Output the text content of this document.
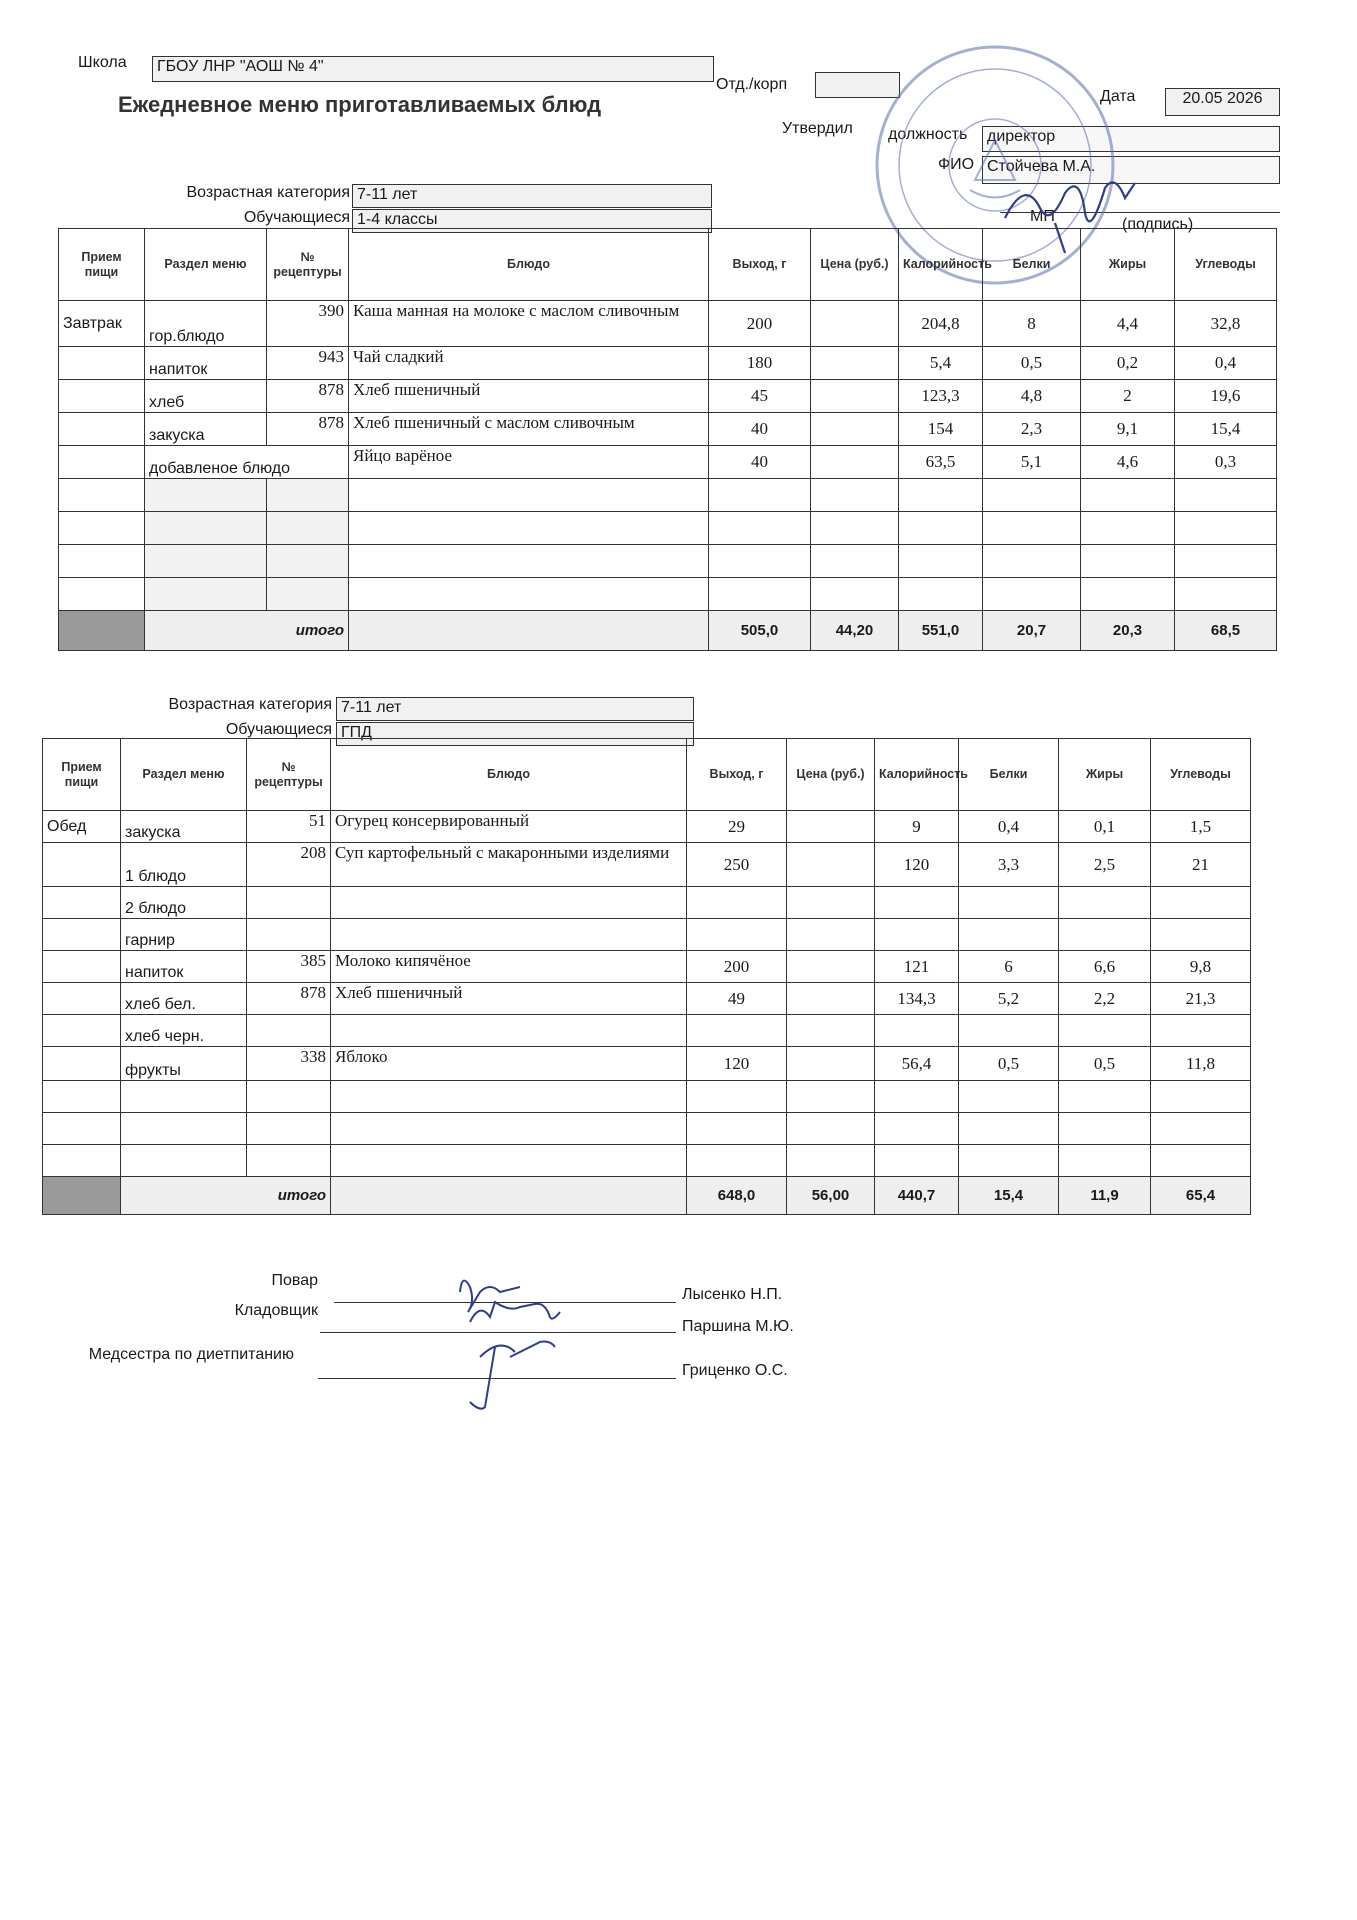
Школа	ГБОУ ЛНР "АОШ № 4"
Отд./корп
Дата	20.05 2026
Ежедневное меню приготавливаемых блюд
Утвердил должность	директор
ФИО Стойчева М.А.
МП	(подпись)
Возрастная категория 7-11 лет
Обучающиеся 1-4 классы
Прием пищи	Раздел меню	№ рецептуры	Блюдо	Выход, г	Цена (руб.)	Калорийность	Белки	Жиры	Углеводы
Завтрак	гор.блюдо	390	Каша манная на молоке с маслом сливочным	200		204,8	8	4,4	32,8
	напиток	943	Чай сладкий	180		5,4	0,5	0,2	0,4
	хлеб	878	Хлеб пшеничный	45		123,3	4,8	2	19,6
	закуска	878	Хлеб пшеничный с маслом сливочным	40		154	2,3	9,1	15,4
	добавленое блюдо		Яйцо варёное	40		63,5	5,1	4,6	0,3

	итого			505,0	44,20	551,0	20,7	20,3	68,5
Возрастная категория 7-11 лет
Обучающиеся ГПД
Прием пищи	Раздел меню	№ рецептуры	Блюдо	Выход, г	Цена (руб.)	Калорийность	Белки	Жиры	Углеводы
Обед	закуска	51	Огурец консервированный	29		9	0,4	0,1	1,5
	1 блюдо	208	Суп картофельный с макаронными изделиями	250		120	3,3	2,5	21
	2 блюдо								
	гарнир								
	напиток	385	Молоко кипячёное	200		121	6	6,6	9,8
	хлеб бел.	878	Хлеб пшеничный	49		134,3	5,2	2,2	21,3
	хлеб черн.								
	фрукты	338	Яблоко	120		56,4	0,5	0,5	11,8

	итого			648,0	56,00	440,7	15,4	11,9	65,4
Повар
Лысенко Н.П.
Кладовщик
Паршина М.Ю.
Медсестра по диетпитанию
Гриценко О.С.
